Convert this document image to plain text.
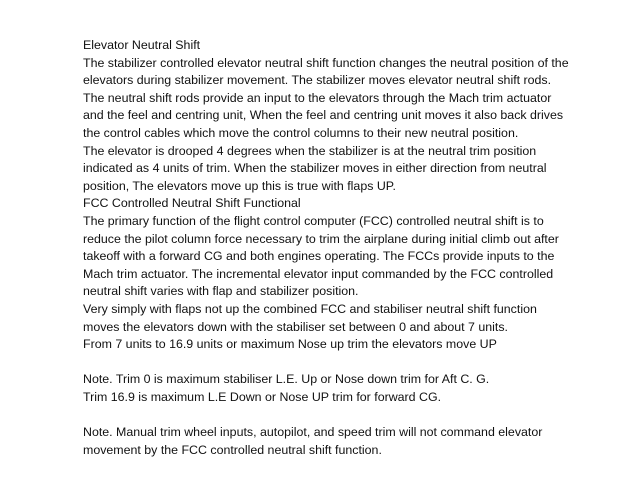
Elevator Neutral Shift
The stabilizer controlled elevator neutral shift function changes the neutral position of the
elevators during stabilizer movement. The stabilizer moves elevator neutral shift rods.
The neutral shift rods provide an input to the elevators through the Mach trim actuator
and the feel and centring unit, When the feel and centring unit moves it also back drives
the control cables which move the control columns to their new neutral position.
The elevator is drooped 4 degrees when the stabilizer is at the neutral trim position
indicated as 4 units of trim. When the stabilizer moves in either direction from neutral
position, The elevators move up this is true with flaps UP.
FCC Controlled Neutral Shift Functional
The primary function of the flight control computer (FCC) controlled neutral shift is to
reduce the pilot column force necessary to trim the airplane during initial climb out after
takeoff with a forward CG and both engines operating. The FCCs provide inputs to the
Mach trim actuator. The incremental elevator input commanded by the FCC controlled
neutral shift varies with flap and stabilizer position.
Very simply with flaps not up the combined FCC and stabiliser neutral shift function
moves the elevators down with the stabiliser set between 0 and about 7 units.
From 7 units to 16.9 units or maximum Nose up trim the elevators move UP
Note. Trim 0 is maximum stabiliser L.E. Up or Nose down trim for Aft C. G.
Trim 16.9 is maximum L.E Down or Nose UP trim for forward CG.
Note. Manual trim wheel inputs, autopilot, and speed trim will not command elevator
movement by the FCC controlled neutral shift function.
